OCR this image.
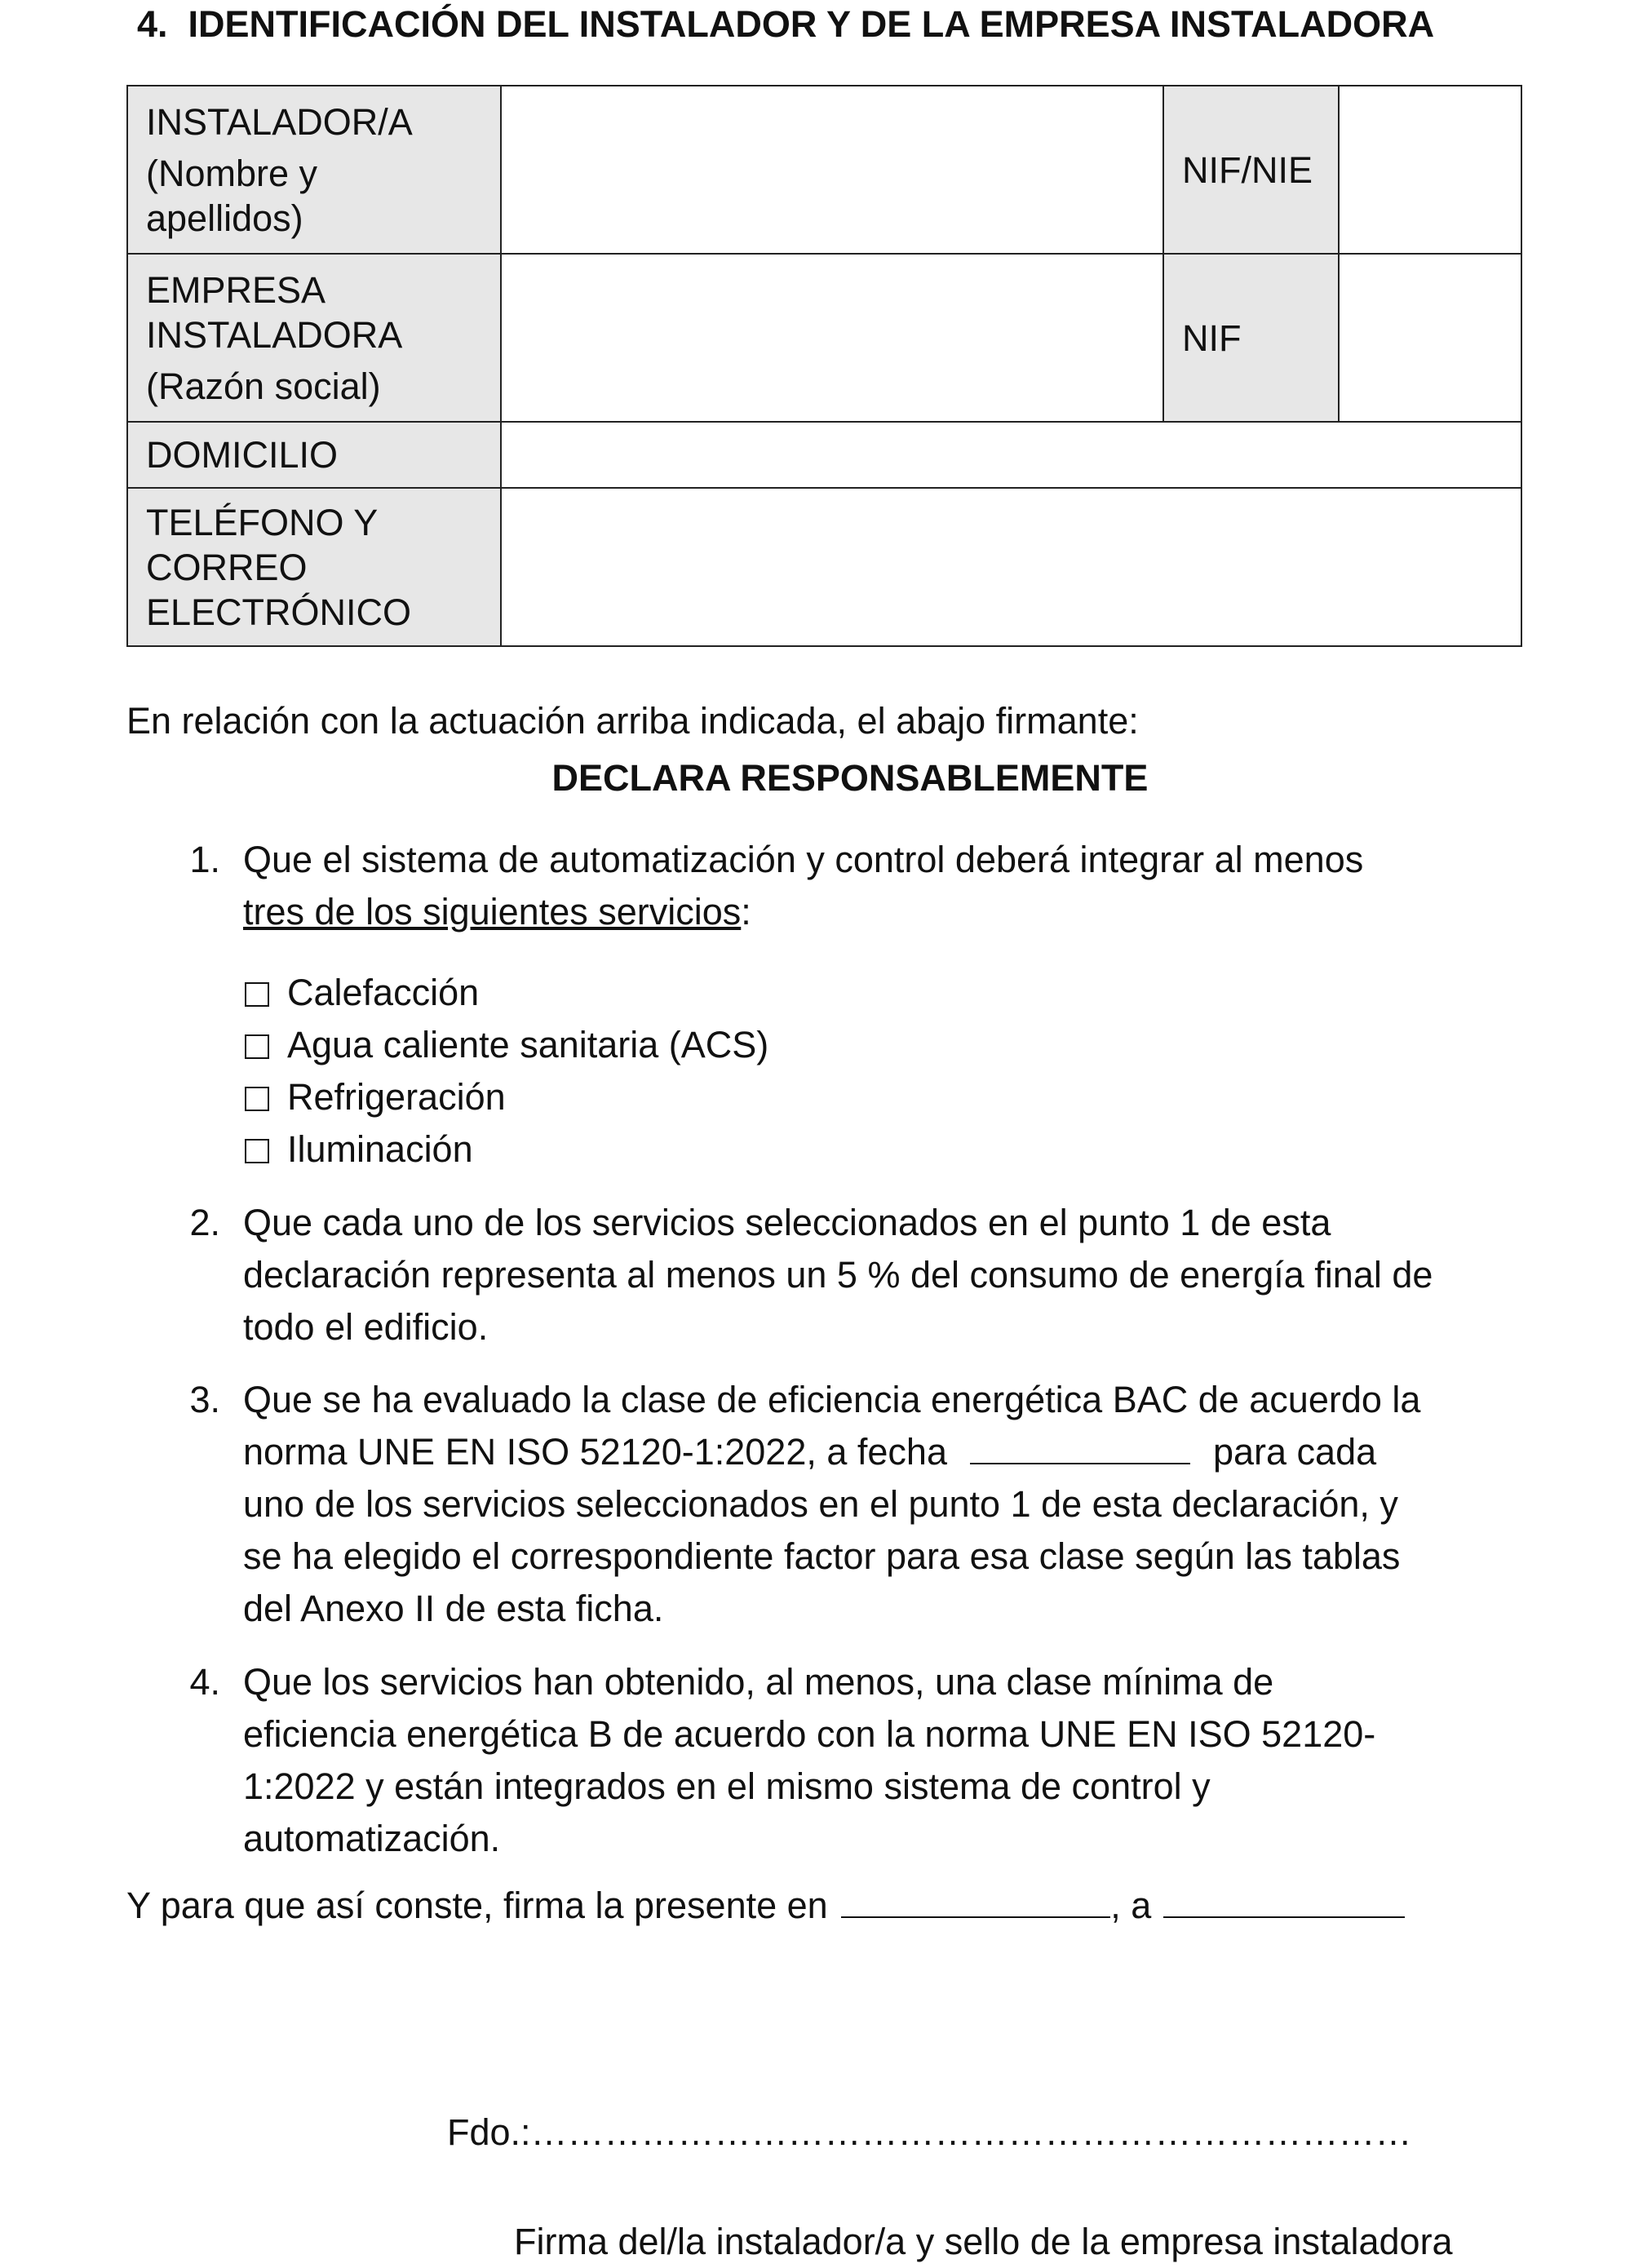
4. IDENTIFICACIÓN DEL INSTALADOR Y DE LA EMPRESA INSTALADORA
INSTALADOR/A
(Nombre y
apellidos)		NIF/NIE	

EMPRESA
INSTALADORA
(Razón social)		NIF	
DOMICILIO			

TELÉFONO Y
CORREO
ELECTRÓNICO			

En relación con la actuación arriba indicada, el abajo firmante:
DECLARA RESPONSABLEMENTE
1. Que el sistema de automatización y control deberá integrar al menos
tres de los siguientes servicios:
Calefacción
Agua caliente sanitaria (ACS)
Refrigeración
Iluminación
2. Que cada uno de los servicios seleccionados en el punto 1 de esta
declaración representa al menos un 5 % del consumo de energía final de
todo el edificio.
3. Que se ha evaluado la clase de eficiencia energética BAC de acuerdo la
norma UNE EN ISO 52120-1:2022, a fecha	para cada
uno de los servicios seleccionados en el punto 1 de esta declaración, y
se ha elegido el correspondiente factor para esa clase según las tablas
del Anexo II de esta ficha.
4. Que los servicios han obtenido, al menos, una clase mínima de
eficiencia energética B de acuerdo con la norma UNE EN ISO 52120-
1:2022 y están integrados en el mismo sistema de control y
automatización.
Y para que así conste, firma la presente en	, a
Fdo.:………………………………………………………………
Firma del/la instalador/a y sello de la empresa instaladora
